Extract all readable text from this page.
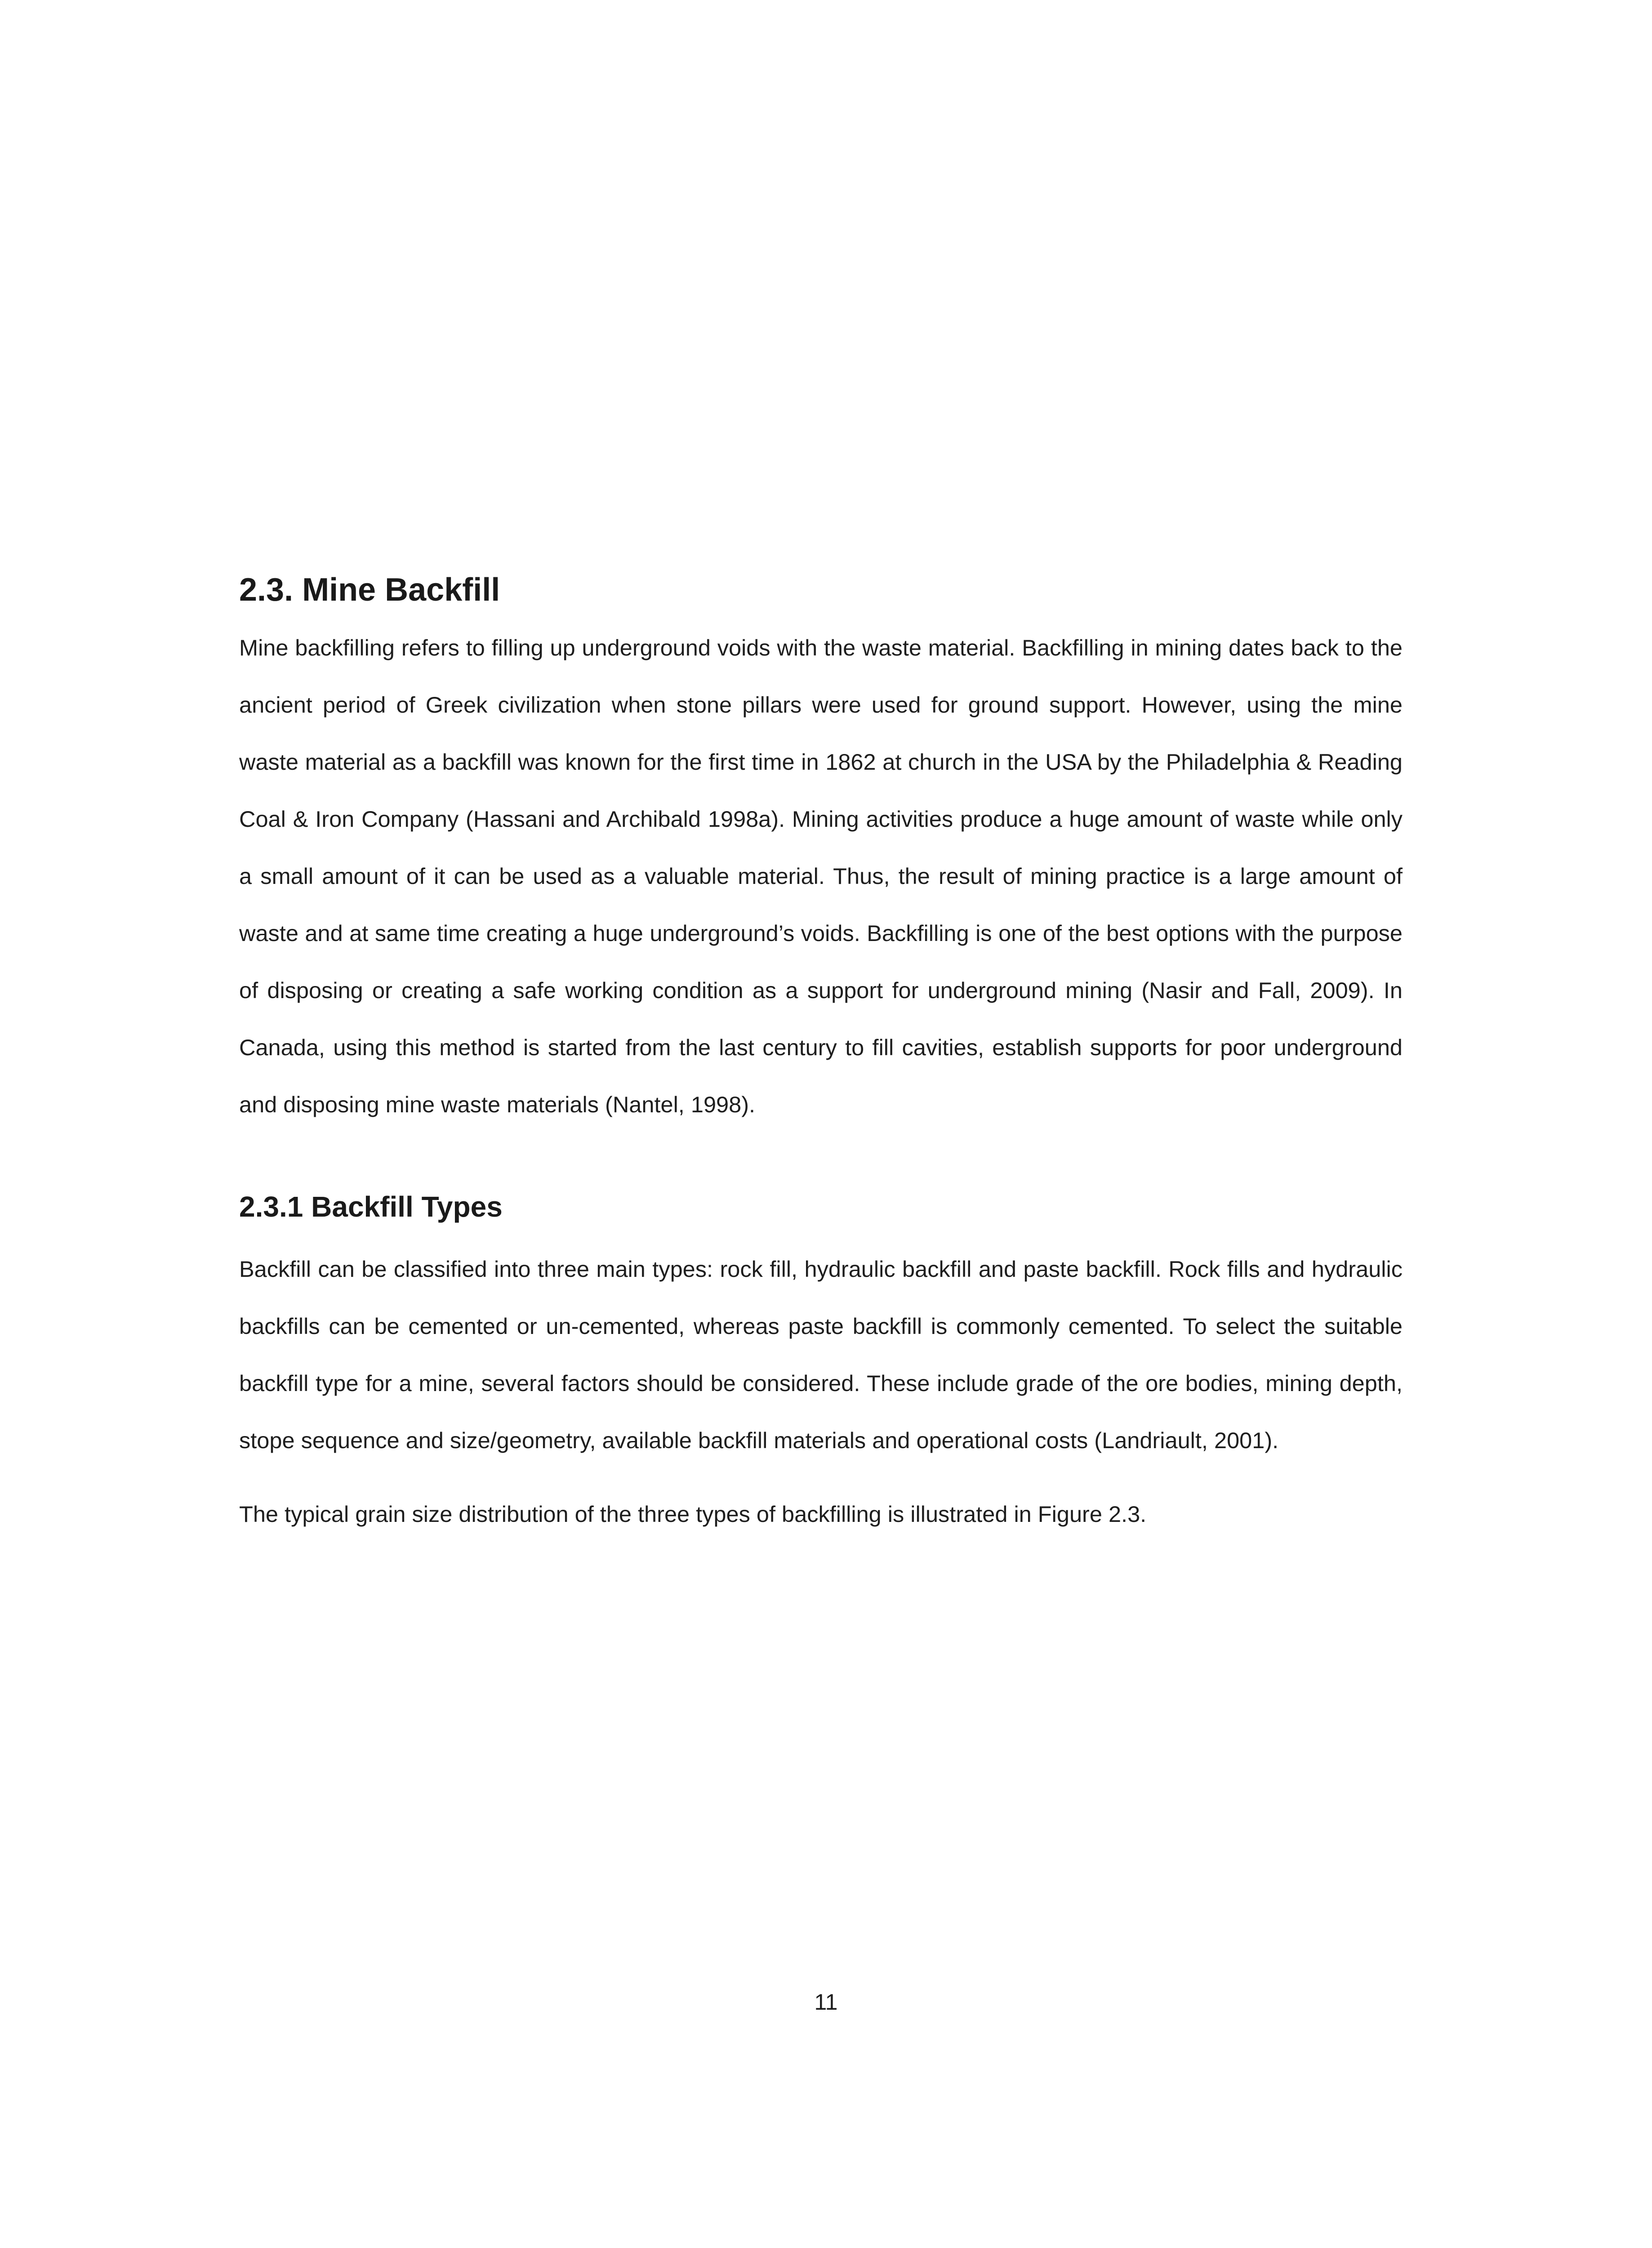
2.3. Mine Backfill

Mine backfilling refers to filling up underground voids with the waste material. Backfilling in mining dates back to the ancient period of Greek civilization when stone pillars were used for ground support. However, using the mine waste material as a backfill was known for the first time in 1862 at church in the USA by the Philadelphia & Reading Coal & Iron Company (Hassani and Archibald 1998a). Mining activities produce a huge amount of waste while only a small amount of it can be used as a valuable material. Thus, the result of mining practice is a large amount of waste and at same time creating a huge underground’s voids. Backfilling is one of the best options with the purpose of disposing or creating a safe working condition as a support for underground mining (Nasir and Fall, 2009). In Canada, using this method is started from the last century to fill cavities, establish supports for poor underground and disposing mine waste materials (Nantel, 1998).

2.3.1 Backfill Types

Backfill can be classified into three main types: rock fill, hydraulic backfill and paste backfill. Rock fills and hydraulic backfills can be cemented or un-cemented, whereas paste backfill is commonly cemented. To select the suitable backfill type for a mine, several factors should be considered. These include grade of the ore bodies, mining depth, stope sequence and size/geometry, available backfill materials and operational costs (Landriault, 2001).

The typical grain size distribution of the three types of backfilling is illustrated in Figure 2.3.

11
